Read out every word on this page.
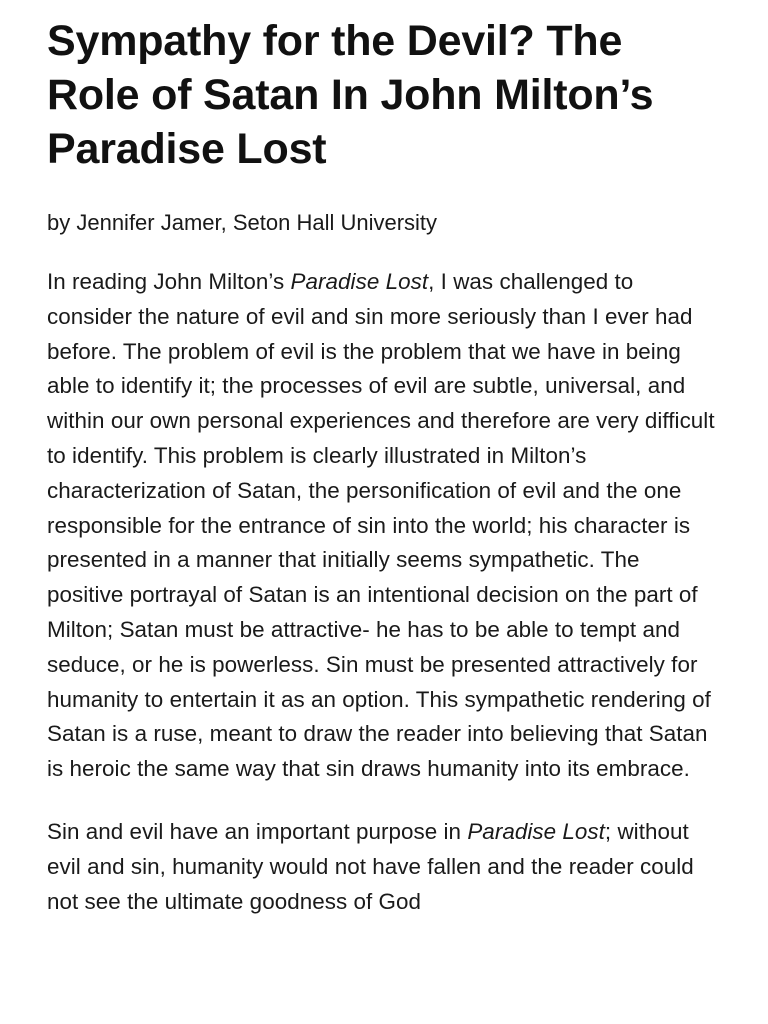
Sympathy for the Devil? The Role of Satan In John Milton’s Paradise Lost

by Jennifer Jamer, Seton Hall University

In reading John Milton’s Paradise Lost, I was challenged to consider the nature of evil and sin more seriously than I ever had before. The problem of evil is the problem that we have in being able to identify it; the processes of evil are subtle, universal, and within our own personal experiences and therefore are very difficult to identify. This problem is clearly illustrated in Milton’s characterization of Satan, the personification of evil and the one responsible for the entrance of sin into the world; his character is presented in a manner that initially seems sympathetic. The positive portrayal of Satan is an intentional decision on the part of Milton; Satan must be attractive- he has to be able to tempt and seduce, or he is powerless. Sin must be presented attractively for humanity to entertain it as an option. This sympathetic rendering of Satan is a ruse, meant to draw the reader into believing that Satan is heroic the same way that sin draws humanity into its embrace.

Sin and evil have an important purpose in Paradise Lost; without evil and sin, humanity would not have fallen and the reader could not see the ultimate goodness of God
